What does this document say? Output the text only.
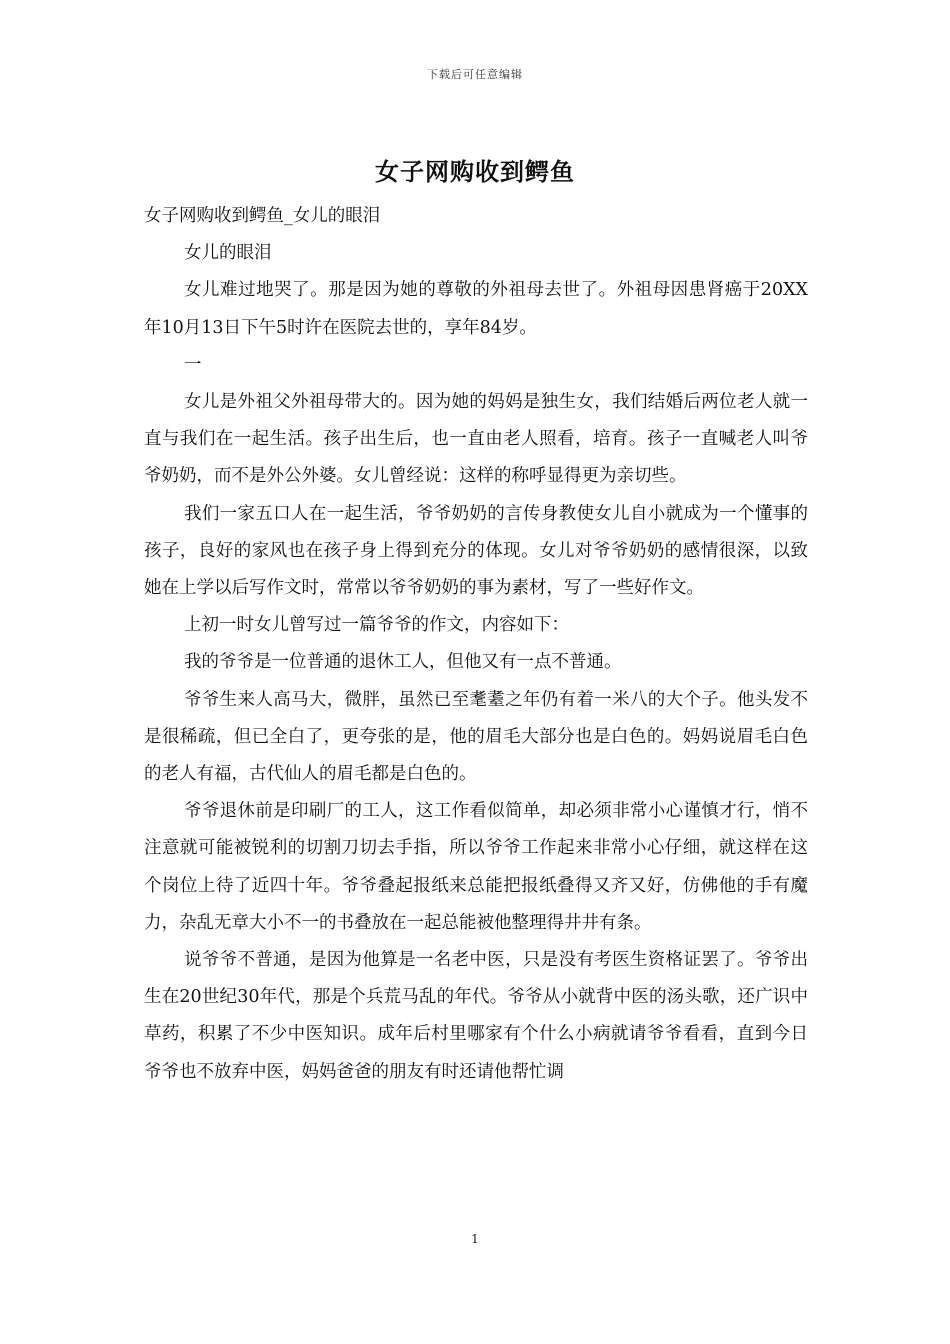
下载后可任意编辑
女子网购收到鳄鱼

女子网购收到鳄鱼_女儿的眼泪

女儿的眼泪

女儿难过地哭了。那是因为她的尊敬的外祖母去世了。外祖母因患肾癌于20XX年10月13日下午5时许在医院去世的，享年84岁。

一

女儿是外祖父外祖母带大的。因为她的妈妈是独生女，我们结婚后两位老人就一直与我们在一起生活。孩子出生后，也一直由老人照看，培育。孩子一直喊老人叫爷爷奶奶，而不是外公外婆。女儿曾经说：这样的称呼显得更为亲切些。

我们一家五口人在一起生活，爷爷奶奶的言传身教使女儿自小就成为一个懂事的孩子，良好的家风也在孩子身上得到充分的体现。女儿对爷爷奶奶的感情很深，以致她在上学以后写作文时，常常以爷爷奶奶的事为素材，写了一些好作文。

上初一时女儿曾写过一篇爷爷的作文，内容如下：

我的爷爷是一位普通的退休工人，但他又有一点不普通。

爷爷生来人高马大，微胖，虽然已至耄耋之年仍有着一米八的大个子。他头发不是很稀疏，但已全白了，更夸张的是，他的眉毛大部分也是白色的。妈妈说眉毛白色的老人有福，古代仙人的眉毛都是白色的。

爷爷退休前是印刷厂的工人，这工作看似简单，却必须非常小心谨慎才行，悄不注意就可能被锐利的切割刀切去手指，所以爷爷工作起来非常小心仔细，就这样在这个岗位上待了近四十年。爷爷叠起报纸来总能把报纸叠得又齐又好，仿佛他的手有魔力，杂乱无章大小不一的书叠放在一起总能被他整理得井井有条。

说爷爷不普通，是因为他算是一名老中医，只是没有考医生资格证罢了。爷爷出生在20世纪30年代，那是个兵荒马乱的年代。爷爷从小就背中医的汤头歌，还广识中草药，积累了不少中医知识。成年后村里哪家有个什么小病就请爷爷看看，直到今日爷爷也不放弃中医，妈妈爸爸的朋友有时还请他帮忙调

1
